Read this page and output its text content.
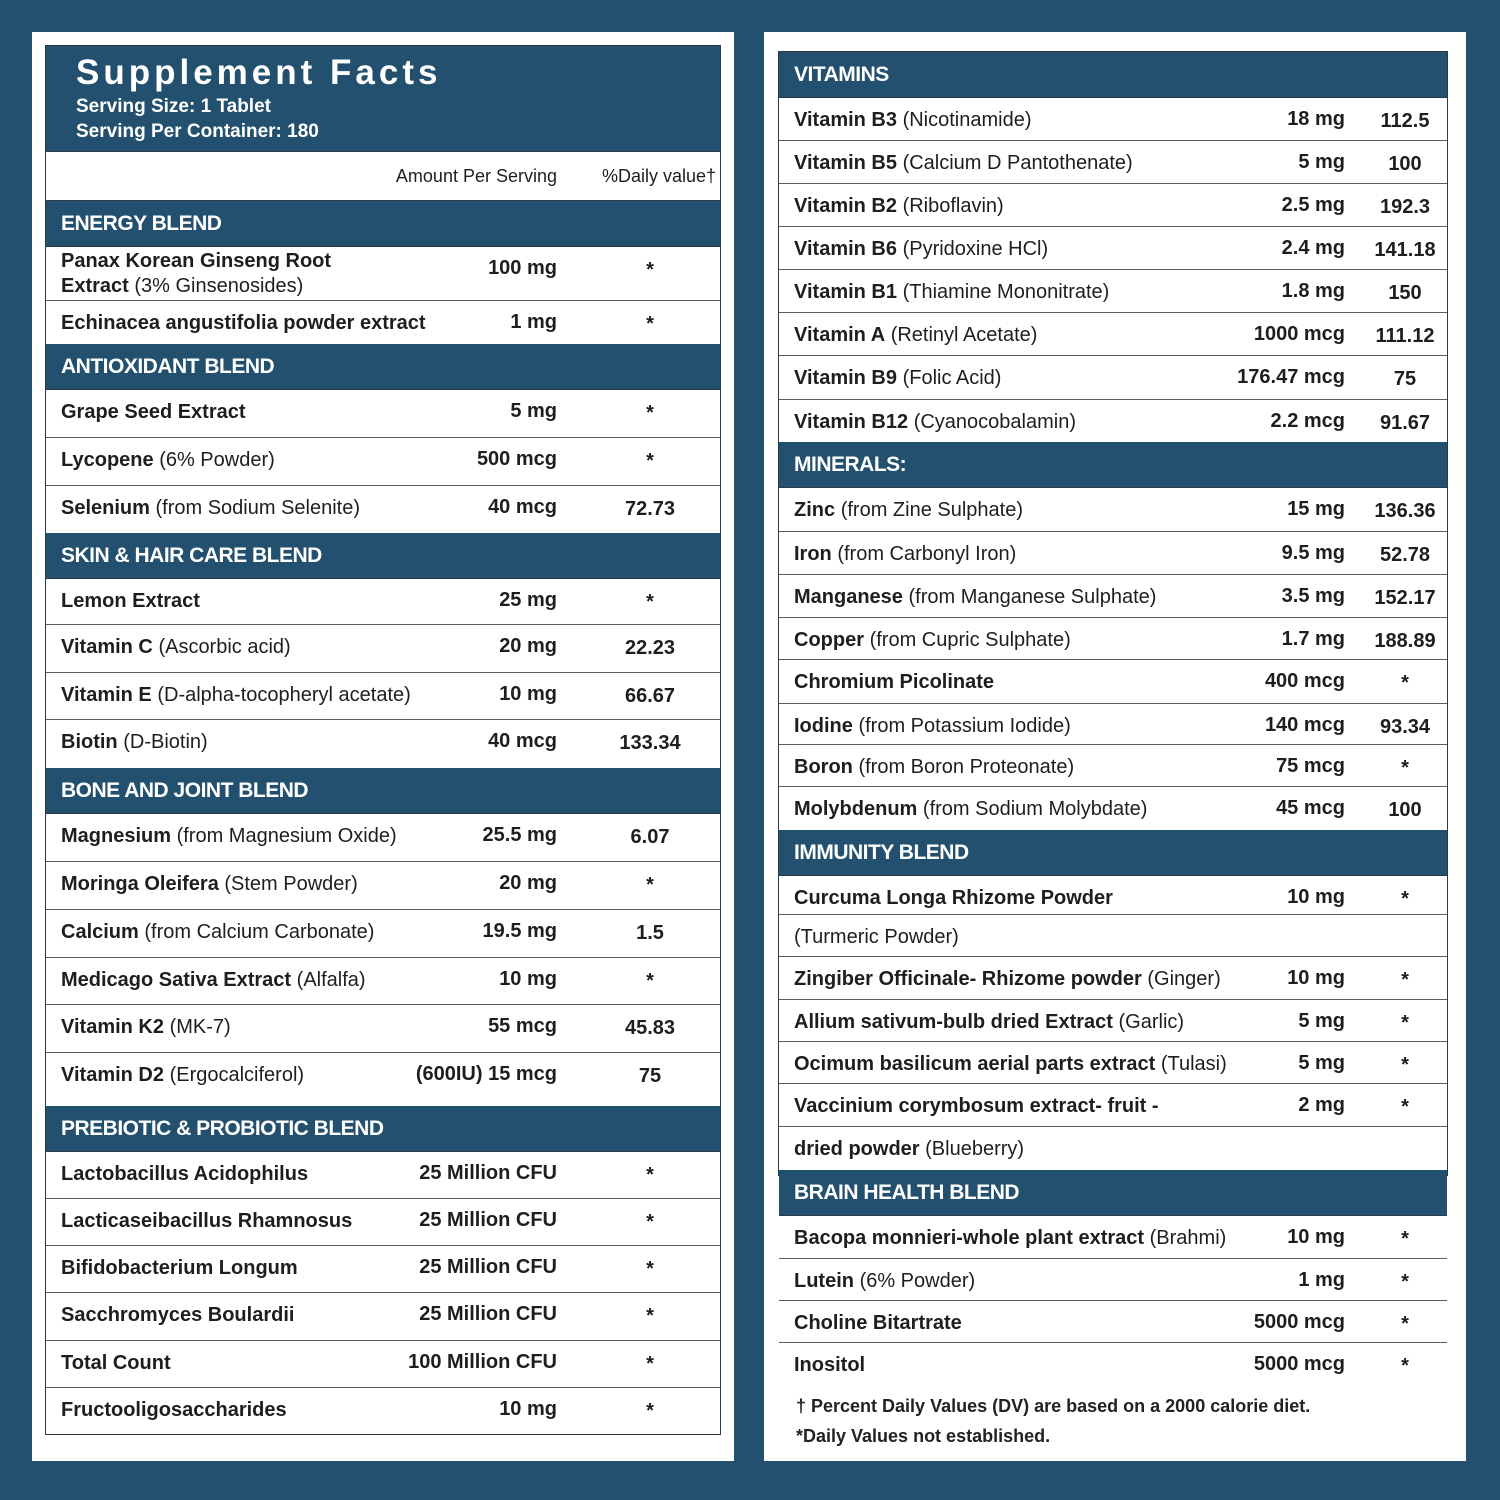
Supplement Facts
Serving Size: 1 Tablet
Serving Per Container: 180
Amount Per Serving %Daily value†
ENERGY BLEND
Panax Korean Ginseng Root Extract (3% Ginsenosides)
100 mg	*
Echinacea angustifolia powder extract	1 mg	*
ANTIOXIDANT BLEND
Grape Seed Extract	5 mg	*
Lycopene (6% Powder)	500 mcg	*
Selenium (from Sodium Selenite)	40 mcg	72.73
SKIN & HAIR CARE BLEND
Lemon Extract	25 mg	*
Vitamin C (Ascorbic acid)	20 mg	22.23
Vitamin E (D-alpha-tocopheryl acetate)	10 mg	66.67
Biotin (D-Biotin)	40 mcg	133.34
BONE AND JOINT BLEND
Magnesium (from Magnesium Oxide)	25.5 mg	6.07
Moringa Oleifera (Stem Powder)	20 mg	*
Calcium (from Calcium Carbonate)	19.5 mg	1.5
Medicago Sativa Extract (Alfalfa)	10 mg	*
Vitamin K2 (MK-7)	55 mcg	45.83
Vitamin D2 (Ergocalciferol)	(600IU) 15 mcg	75
PREBIOTIC & PROBIOTIC BLEND
Lactobacillus Acidophilus	25 Million CFU	*
Lacticaseibacillus Rhamnosus	25 Million CFU	*
Bifidobacterium Longum	25 Million CFU	*
Sacchromyces Boulardii	25 Million CFU	*
Total Count	100 Million CFU	*
Fructooligosaccharides	10 mg	*
VITAMINS
Vitamin B3 (Nicotinamide)	18 mg	112.5
Vitamin B5 (Calcium D Pantothenate)	5 mg	100
Vitamin B2 (Riboflavin)	2.5 mg	192.3
Vitamin B6 (Pyridoxine HCl)	2.4 mg	141.18
Vitamin B1 (Thiamine Mononitrate)	1.8 mg	150
Vitamin A (Retinyl Acetate)	1000 mcg	111.12
Vitamin B9 (Folic Acid)	176.47 mcg	75
Vitamin B12 (Cyanocobalamin)	2.2 mcg	91.67
MINERALS:
Zinc (from Zine Sulphate)	15 mg	136.36
Iron (from Carbonyl Iron)	9.5 mg	52.78
Manganese (from Manganese Sulphate)	3.5 mg	152.17
Copper (from Cupric Sulphate)	1.7 mg	188.89
Chromium Picolinate	400 mcg	*
Iodine (from Potassium Iodide)	140 mcg	93.34
Boron (from Boron Proteonate)	75 mcg	*
Molybdenum (from Sodium Molybdate)	45 mcg	100
IMMUNITY BLEND
Curcuma Longa Rhizome Powder	10 mg	*
(Turmeric Powder)
Zingiber Officinale- Rhizome powder (Ginger)	10 mg	*
Allium sativum-bulb dried Extract (Garlic)	5 mg	*
Ocimum basilicum aerial parts extract (Tulasi)	5 mg	*
Vaccinium corymbosum extract- fruit -	2 mg	*
dried powder (Blueberry)
BRAIN HEALTH BLEND
Bacopa monnieri-whole plant extract (Brahmi)	10 mg	*
Lutein (6% Powder)	1 mg	*
Choline Bitartrate	5000 mcg	*
Inositol	5000 mcg	*
† Percent Daily Values (DV) are based on a 2000 calorie diet.
*Daily Values not established.
